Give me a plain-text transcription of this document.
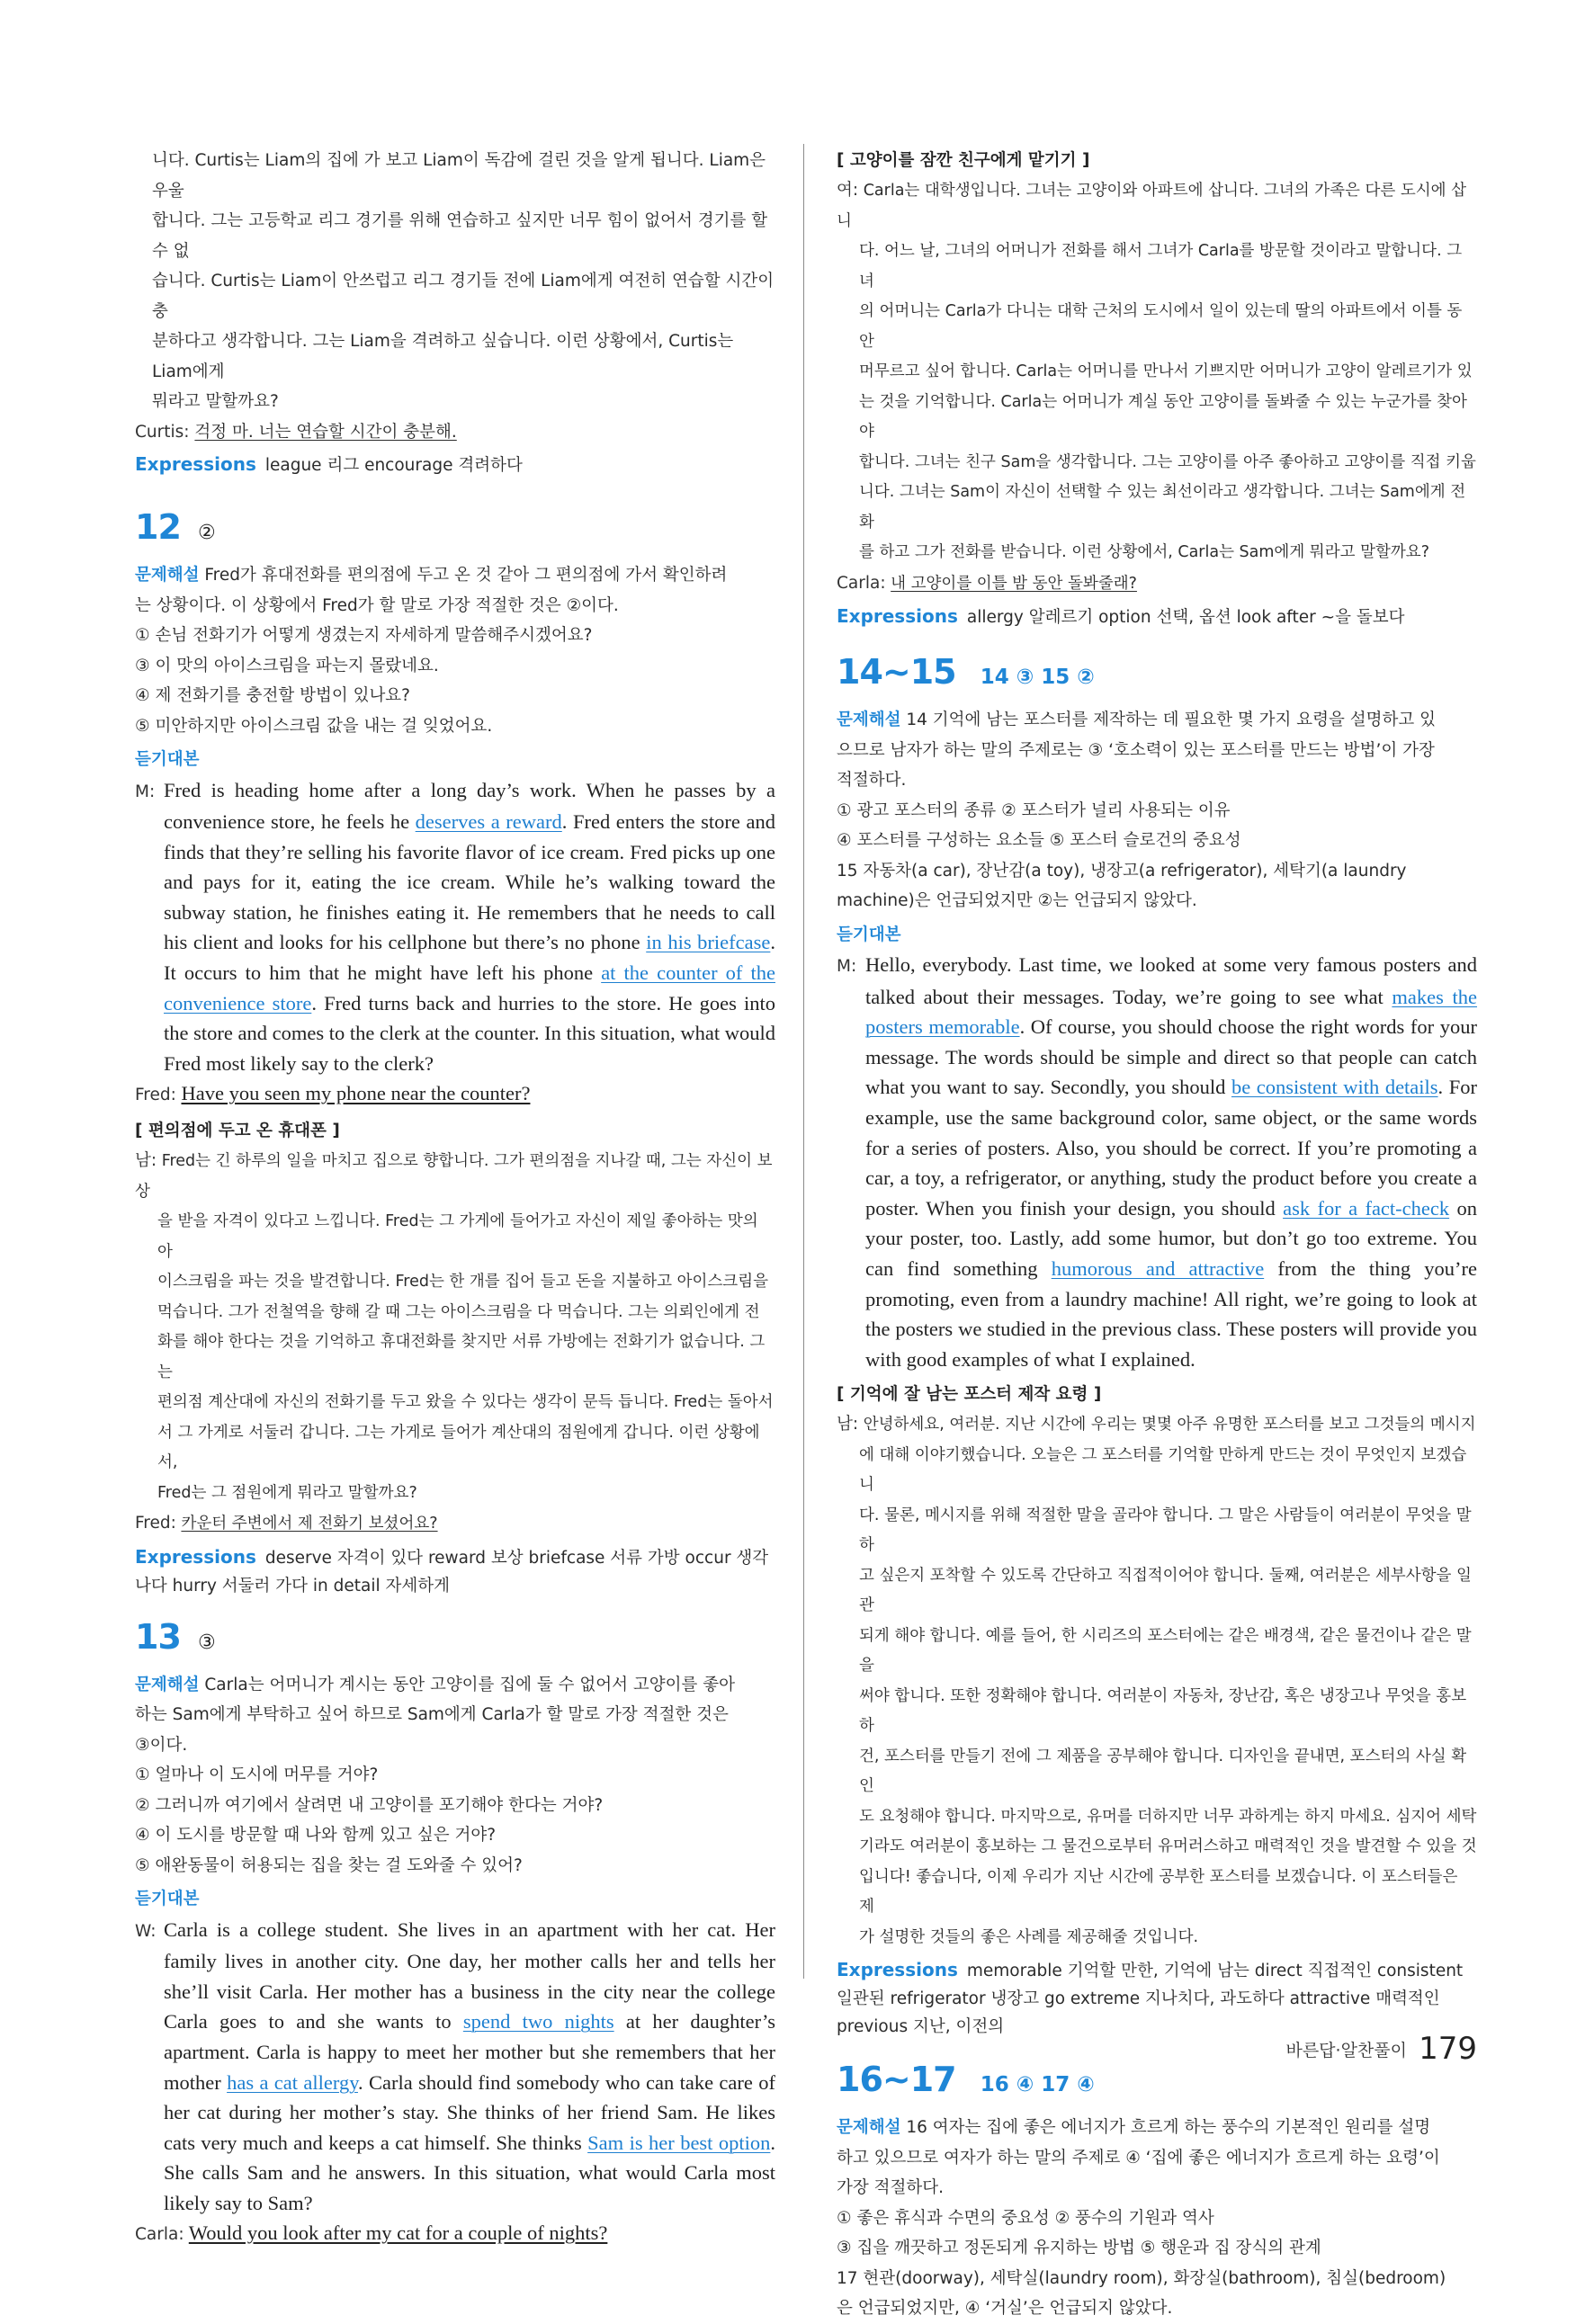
니다. Curtis는 Liam의 집에 가 보고 Liam이 독감에 걸린 것을 알게 됩니다. Liam은 우울

합니다. 그는 고등학교 리그 경기를 위해 연습하고 싶지만 너무 힘이 없어서 경기를 할 수 없

습니다. Curtis는 Liam이 안쓰럽고 리그 경기들 전에 Liam에게 여전히 연습할 시간이 충

분하다고 생각합니다. 그는 Liam을 격려하고 싶습니다. 이런 상황에서, Curtis는 Liam에게

뭐라고 말할까요?

Curtis: 걱정 마. 너는 연습할 시간이 충분해.

Expressions league 리그 encourage 격려하다

12 ②

문제해설 Fred가 휴대전화를 편의점에 두고 온 것 같아 그 편의점에 가서 확인하려

는 상황이다. 이 상황에서 Fred가 할 말로 가장 적절한 것은 ②이다.

① 손님 전화기가 어떻게 생겼는지 자세하게 말씀해주시겠어요?

③ 이 맛의 아이스크림을 파는지 몰랐네요.

④ 제 전화기를 충전할 방법이 있나요?

⑤ 미안하지만 아이스크림 값을 내는 걸 잊었어요.

듣기대본

M: Fred is heading home after a long day’s work. When he passes by a convenience store, he feels he deserves a reward. Fred enters the store and finds that they’re selling his favorite flavor of ice cream. Fred picks up one and pays for it, eating the ice cream. While he’s walking toward the subway station, he finishes eating it. He remembers that he needs to call his client and looks for his cellphone but there’s no phone in his briefcase. It occurs to him that he might have left his phone at the counter of the convenience store. Fred turns back and hurries to the store. He goes into the store and comes to the clerk at the counter. In this situation, what would Fred most likely say to the clerk?

Fred: Have you seen my phone near the counter?

[ 편의점에 두고 온 휴대폰 ]

남: Fred는 긴 하루의 일을 마치고 집으로 향합니다. 그가 편의점을 지나갈 때, 그는 자신이 보상

을 받을 자격이 있다고 느낍니다. Fred는 그 가게에 들어가고 자신이 제일 좋아하는 맛의 아

이스크림을 파는 것을 발견합니다. Fred는 한 개를 집어 들고 돈을 지불하고 아이스크림을

먹습니다. 그가 전철역을 향해 갈 때 그는 아이스크림을 다 먹습니다. 그는 의뢰인에게 전

화를 해야 한다는 것을 기억하고 휴대전화를 찾지만 서류 가방에는 전화기가 없습니다. 그는

편의점 계산대에 자신의 전화기를 두고 왔을 수 있다는 생각이 문득 듭니다. Fred는 돌아서

서 그 가게로 서둘러 갑니다. 그는 가게로 들어가 계산대의 점원에게 갑니다. 이런 상황에서,

Fred는 그 점원에게 뭐라고 말할까요?

Fred: 카운터 주변에서 제 전화기 보셨어요?

Expressions deserve 자격이 있다 reward 보상 briefcase 서류 가방 occur 생각나다 hurry 서둘러 가다 in detail 자세하게

13 ③

문제해설 Carla는 어머니가 계시는 동안 고양이를 집에 둘 수 없어서 고양이를 좋아

하는 Sam에게 부탁하고 싶어 하므로 Sam에게 Carla가 할 말로 가장 적절한 것은

③이다.

① 얼마나 이 도시에 머무를 거야?

② 그러니까 여기에서 살려면 내 고양이를 포기해야 한다는 거야?

④ 이 도시를 방문할 때 나와 함께 있고 싶은 거야?

⑤ 애완동물이 허용되는 집을 찾는 걸 도와줄 수 있어?

듣기대본

W: Carla is a college student. She lives in an apartment with her cat. Her family lives in another city. One day, her mother calls her and tells her she’ll visit Carla. Her mother has a business in the city near the college Carla goes to and she wants to spend two nights at her daughter’s apartment. Carla is happy to meet her mother but she remembers that her mother has a cat allergy. Carla should find somebody who can take care of her cat during her mother’s stay. She thinks of her friend Sam. He likes cats very much and keeps a cat himself. She thinks Sam is her best option. She calls Sam and he answers. In this situation, what would Carla most likely say to Sam?

Carla: Would you look after my cat for a couple of nights?

[ 고양이를 잠깐 친구에게 맡기기 ]

여: Carla는 대학생입니다. 그녀는 고양이와 아파트에 삽니다. 그녀의 가족은 다른 도시에 삽니

다. 어느 날, 그녀의 어머니가 전화를 해서 그녀가 Carla를 방문할 것이라고 말합니다. 그녀

의 어머니는 Carla가 다니는 대학 근처의 도시에서 일이 있는데 딸의 아파트에서 이틀 동안

머무르고 싶어 합니다. Carla는 어머니를 만나서 기쁘지만 어머니가 고양이 알레르기가 있

는 것을 기억합니다. Carla는 어머니가 계실 동안 고양이를 돌봐줄 수 있는 누군가를 찾아야

합니다. 그녀는 친구 Sam을 생각합니다. 그는 고양이를 아주 좋아하고 고양이를 직접 키웁

니다. 그녀는 Sam이 자신이 선택할 수 있는 최선이라고 생각합니다. 그녀는 Sam에게 전화

를 하고 그가 전화를 받습니다. 이런 상황에서, Carla는 Sam에게 뭐라고 말할까요?

Carla: 내 고양이를 이틀 밤 동안 돌봐줄래?

Expressions allergy 알레르기 option 선택, 옵션 look after ~을 돌보다

14~15 14 ③ 15 ②

문제해설 14 기억에 남는 포스터를 제작하는 데 필요한 몇 가지 요령을 설명하고 있

으므로 남자가 하는 말의 주제로는 ③ ‘호소력이 있는 포스터를 만드는 방법’이 가장

적절하다.

① 광고 포스터의 종류 ② 포스터가 널리 사용되는 이유

④ 포스터를 구성하는 요소들 ⑤ 포스터 슬로건의 중요성

15 자동차(a car), 장난감(a toy), 냉장고(a refrigerator), 세탁기(a laundry

machine)은 언급되었지만 ②는 언급되지 않았다.

듣기대본

M: Hello, everybody. Last time, we looked at some very famous posters and talked about their messages. Today, we’re going to see what makes the posters memorable. Of course, you should choose the right words for your message. The words should be simple and direct so that people can catch what you want to say. Secondly, you should be consistent with details. For example, use the same background color, same object, or the same words for a series of posters. Also, you should be correct. If you’re promoting a car, a toy, a refrigerator, or anything, study the product before you create a poster. When you finish your design, you should ask for a fact-check on your poster, too. Lastly, add some humor, but don’t go too extreme. You can find something humorous and attractive from the thing you’re promoting, even from a laundry machine! All right, we’re going to look at the posters we studied in the previous class. These posters will provide you with good examples of what I explained.

[ 기억에 잘 남는 포스터 제작 요령 ]

남: 안녕하세요, 여러분. 지난 시간에 우리는 몇몇 아주 유명한 포스터를 보고 그것들의 메시지

에 대해 이야기했습니다. 오늘은 그 포스터를 기억할 만하게 만드는 것이 무엇인지 보겠습니

다. 물론, 메시지를 위해 적절한 말을 골라야 합니다. 그 말은 사람들이 여러분이 무엇을 말하

고 싶은지 포착할 수 있도록 간단하고 직접적이어야 합니다. 둘째, 여러분은 세부사항을 일관

되게 해야 합니다. 예를 들어, 한 시리즈의 포스터에는 같은 배경색, 같은 물건이나 같은 말을

써야 합니다. 또한 정확해야 합니다. 여러분이 자동차, 장난감, 혹은 냉장고나 무엇을 홍보하

건, 포스터를 만들기 전에 그 제품을 공부해야 합니다. 디자인을 끝내면, 포스터의 사실 확인

도 요청해야 합니다. 마지막으로, 유머를 더하지만 너무 과하게는 하지 마세요. 심지어 세탁

기라도 여러분이 홍보하는 그 물건으로부터 유머러스하고 매력적인 것을 발견할 수 있을 것

입니다! 좋습니다, 이제 우리가 지난 시간에 공부한 포스터를 보겠습니다. 이 포스터들은 제

가 설명한 것들의 좋은 사례를 제공해줄 것입니다.

Expressions memorable 기억할 만한, 기억에 남는 direct 직접적인 consistent 일관된 refrigerator 냉장고 go extreme 지나치다, 과도하다 attractive 매력적인 previous 지난, 이전의

16~17 16 ④ 17 ④

문제해설 16 여자는 집에 좋은 에너지가 흐르게 하는 풍수의 기본적인 원리를 설명

하고 있으므로 여자가 하는 말의 주제로 ④ ‘집에 좋은 에너지가 흐르게 하는 요령’이

가장 적절하다.

① 좋은 휴식과 수면의 중요성 ② 풍수의 기원과 역사

③ 집을 깨끗하고 정돈되게 유지하는 방법 ⑤ 행운과 집 장식의 관계

17 현관(doorway), 세탁실(laundry room), 화장실(bathroom), 침실(bedroom)

은 언급되었지만, ④ ‘거실’은 언급되지 않았다.

바른답·알찬풀이 179
